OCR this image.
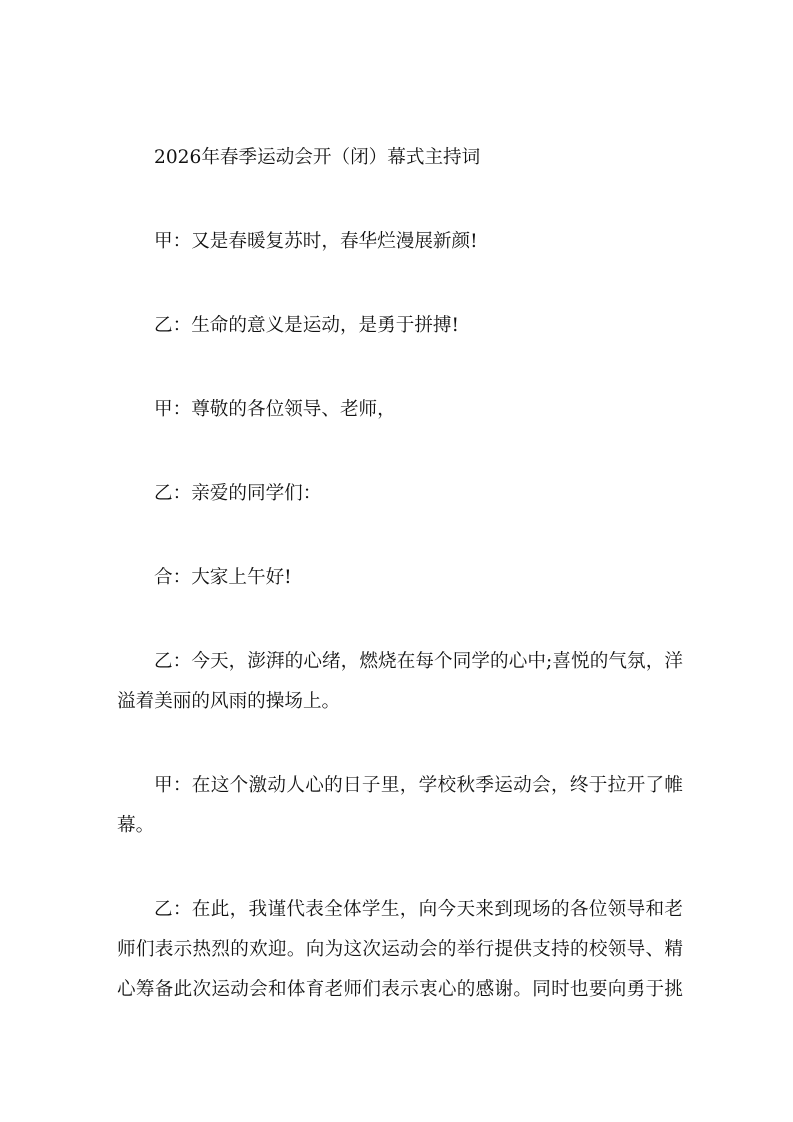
2026年春季运动会开（闭）幕式主持词
甲：又是春暖复苏时，春华烂漫展新颜!
乙：生命的意义是运动，是勇于拼搏!
甲：尊敬的各位领导、老师，
乙：亲爱的同学们：
合：大家上午好!
乙：今天，澎湃的心绪，燃烧在每个同学的心中;喜悦的气氛，洋
溢着美丽的风雨的操场上。
甲：在这个激动人心的日子里，学校秋季运动会，终于拉开了帷
幕。
乙：在此，我谨代表全体学生，向今天来到现场的各位领导和老
师们表示热烈的欢迎。向为这次运动会的举行提供支持的校领导、精
心筹备此次运动会和体育老师们表示衷心的感谢。同时也要向勇于挑
